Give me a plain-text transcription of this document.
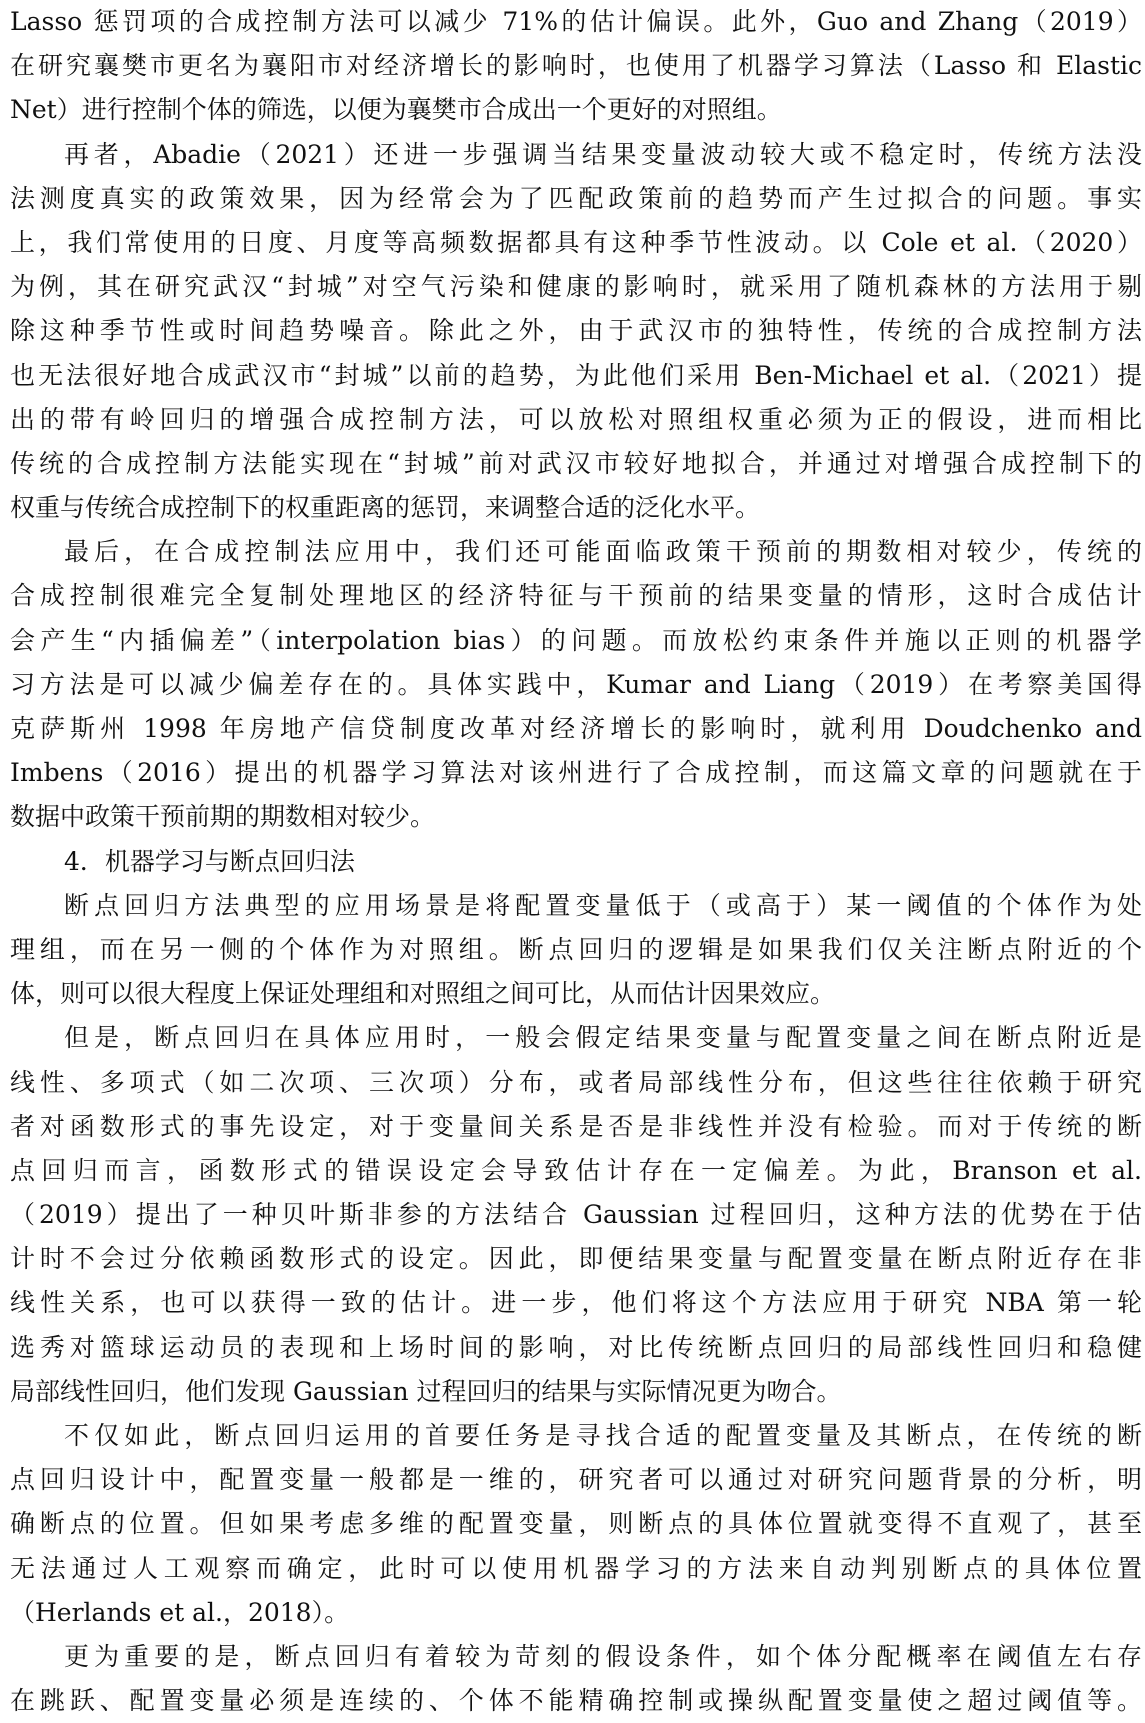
Lasso 惩罚项的合成控制方法可以减少 71%的估计偏误。此外，Guo and Zhang（2019）
在研究襄樊市更名为襄阳市对经济增长的影响时，也使用了机器学习算法（Lasso 和 Elastic
Net）进行控制个体的筛选，以便为襄樊市合成出一个更好的对照组。
再者，Abadie（2021）还进一步强调当结果变量波动较大或不稳定时，传统方法没
法测度真实的政策效果，因为经常会为了匹配政策前的趋势而产生过拟合的问题。事实
上，我们常使用的日度、月度等高频数据都具有这种季节性波动。以 Cole et al.（2020）
为例，其在研究武汉“封城”对空气污染和健康的影响时，就采用了随机森林的方法用于剔
除这种季节性或时间趋势噪音。除此之外，由于武汉市的独特性，传统的合成控制方法
也无法很好地合成武汉市“封城”以前的趋势，为此他们采用 Ben-Michael et al.（2021）提
出的带有岭回归的增强合成控制方法，可以放松对照组权重必须为正的假设，进而相比
传统的合成控制方法能实现在“封城”前对武汉市较好地拟合，并通过对增强合成控制下的
权重与传统合成控制下的权重距离的惩罚，来调整合适的泛化水平。
最后，在合成控制法应用中，我们还可能面临政策干预前的期数相对较少，传统的
合成控制很难完全复制处理地区的经济特征与干预前的结果变量的情形，这时合成估计
会产生“内插偏差”（interpolation bias）的问题。而放松约束条件并施以正则的机器学
习方法是可以减少偏差存在的。具体实践中，Kumar and Liang（2019）在考察美国得
克萨斯州 1998 年房地产信贷制度改革对经济增长的影响时，就利用 Doudchenko and
Imbens（2016）提出的机器学习算法对该州进行了合成控制，而这篇文章的问题就在于
数据中政策干预前期的期数相对较少。
4．机器学习与断点回归法
断点回归方法典型的应用场景是将配置变量低于（或高于）某一阈值的个体作为处
理组，而在另一侧的个体作为对照组。断点回归的逻辑是如果我们仅关注断点附近的个
体，则可以很大程度上保证处理组和对照组之间可比，从而估计因果效应。
但是，断点回归在具体应用时，一般会假定结果变量与配置变量之间在断点附近是
线性、多项式（如二次项、三次项）分布，或者局部线性分布，但这些往往依赖于研究
者对函数形式的事先设定，对于变量间关系是否是非线性并没有检验。而对于传统的断
点回归而言，函数形式的错误设定会导致估计存在一定偏差。为此，Branson et al.
（2019）提出了一种贝叶斯非参的方法结合 Gaussian 过程回归，这种方法的优势在于估
计时不会过分依赖函数形式的设定。因此，即便结果变量与配置变量在断点附近存在非
线性关系，也可以获得一致的估计。进一步，他们将这个方法应用于研究 NBA 第一轮
选秀对篮球运动员的表现和上场时间的影响，对比传统断点回归的局部线性回归和稳健
局部线性回归，他们发现 Gaussian 过程回归的结果与实际情况更为吻合。
不仅如此，断点回归运用的首要任务是寻找合适的配置变量及其断点，在传统的断
点回归设计中，配置变量一般都是一维的，研究者可以通过对研究问题背景的分析，明
确断点的位置。但如果考虑多维的配置变量，则断点的具体位置就变得不直观了，甚至
无法通过人工观察而确定，此时可以使用机器学习的方法来自动判别断点的具体位置
（Herlands et al.，2018）。
更为重要的是，断点回归有着较为苛刻的假设条件，如个体分配概率在阈值左右存
在跳跃、配置变量必须是连续的、个体不能精确控制或操纵配置变量使之超过阈值等。
